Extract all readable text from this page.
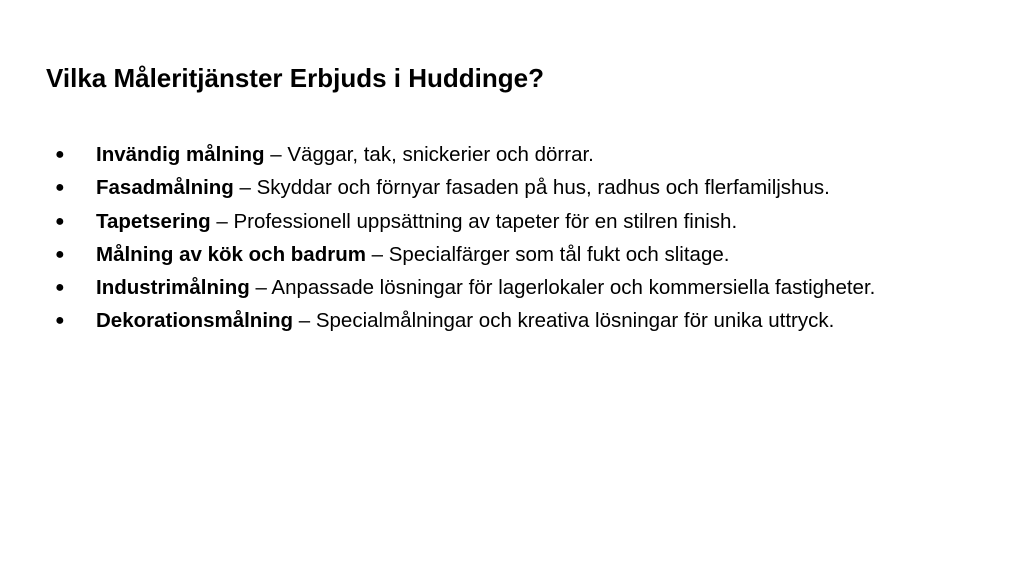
Vilka Måleritjänster Erbjuds i Huddinge?
● Invändig målning – Väggar, tak, snickerier och dörrar.
● Fasadmålning – Skyddar och förnyar fasaden på hus, radhus och flerfamiljshus.
● Tapetsering – Professionell uppsättning av tapeter för en stilren finish.
● Målning av kök och badrum – Specialfärger som tål fukt och slitage.
● Industrimålning – Anpassade lösningar för lagerlokaler och kommersiella fastigheter.
● Dekorationsmålning – Specialmålningar och kreativa lösningar för unika uttryck.
